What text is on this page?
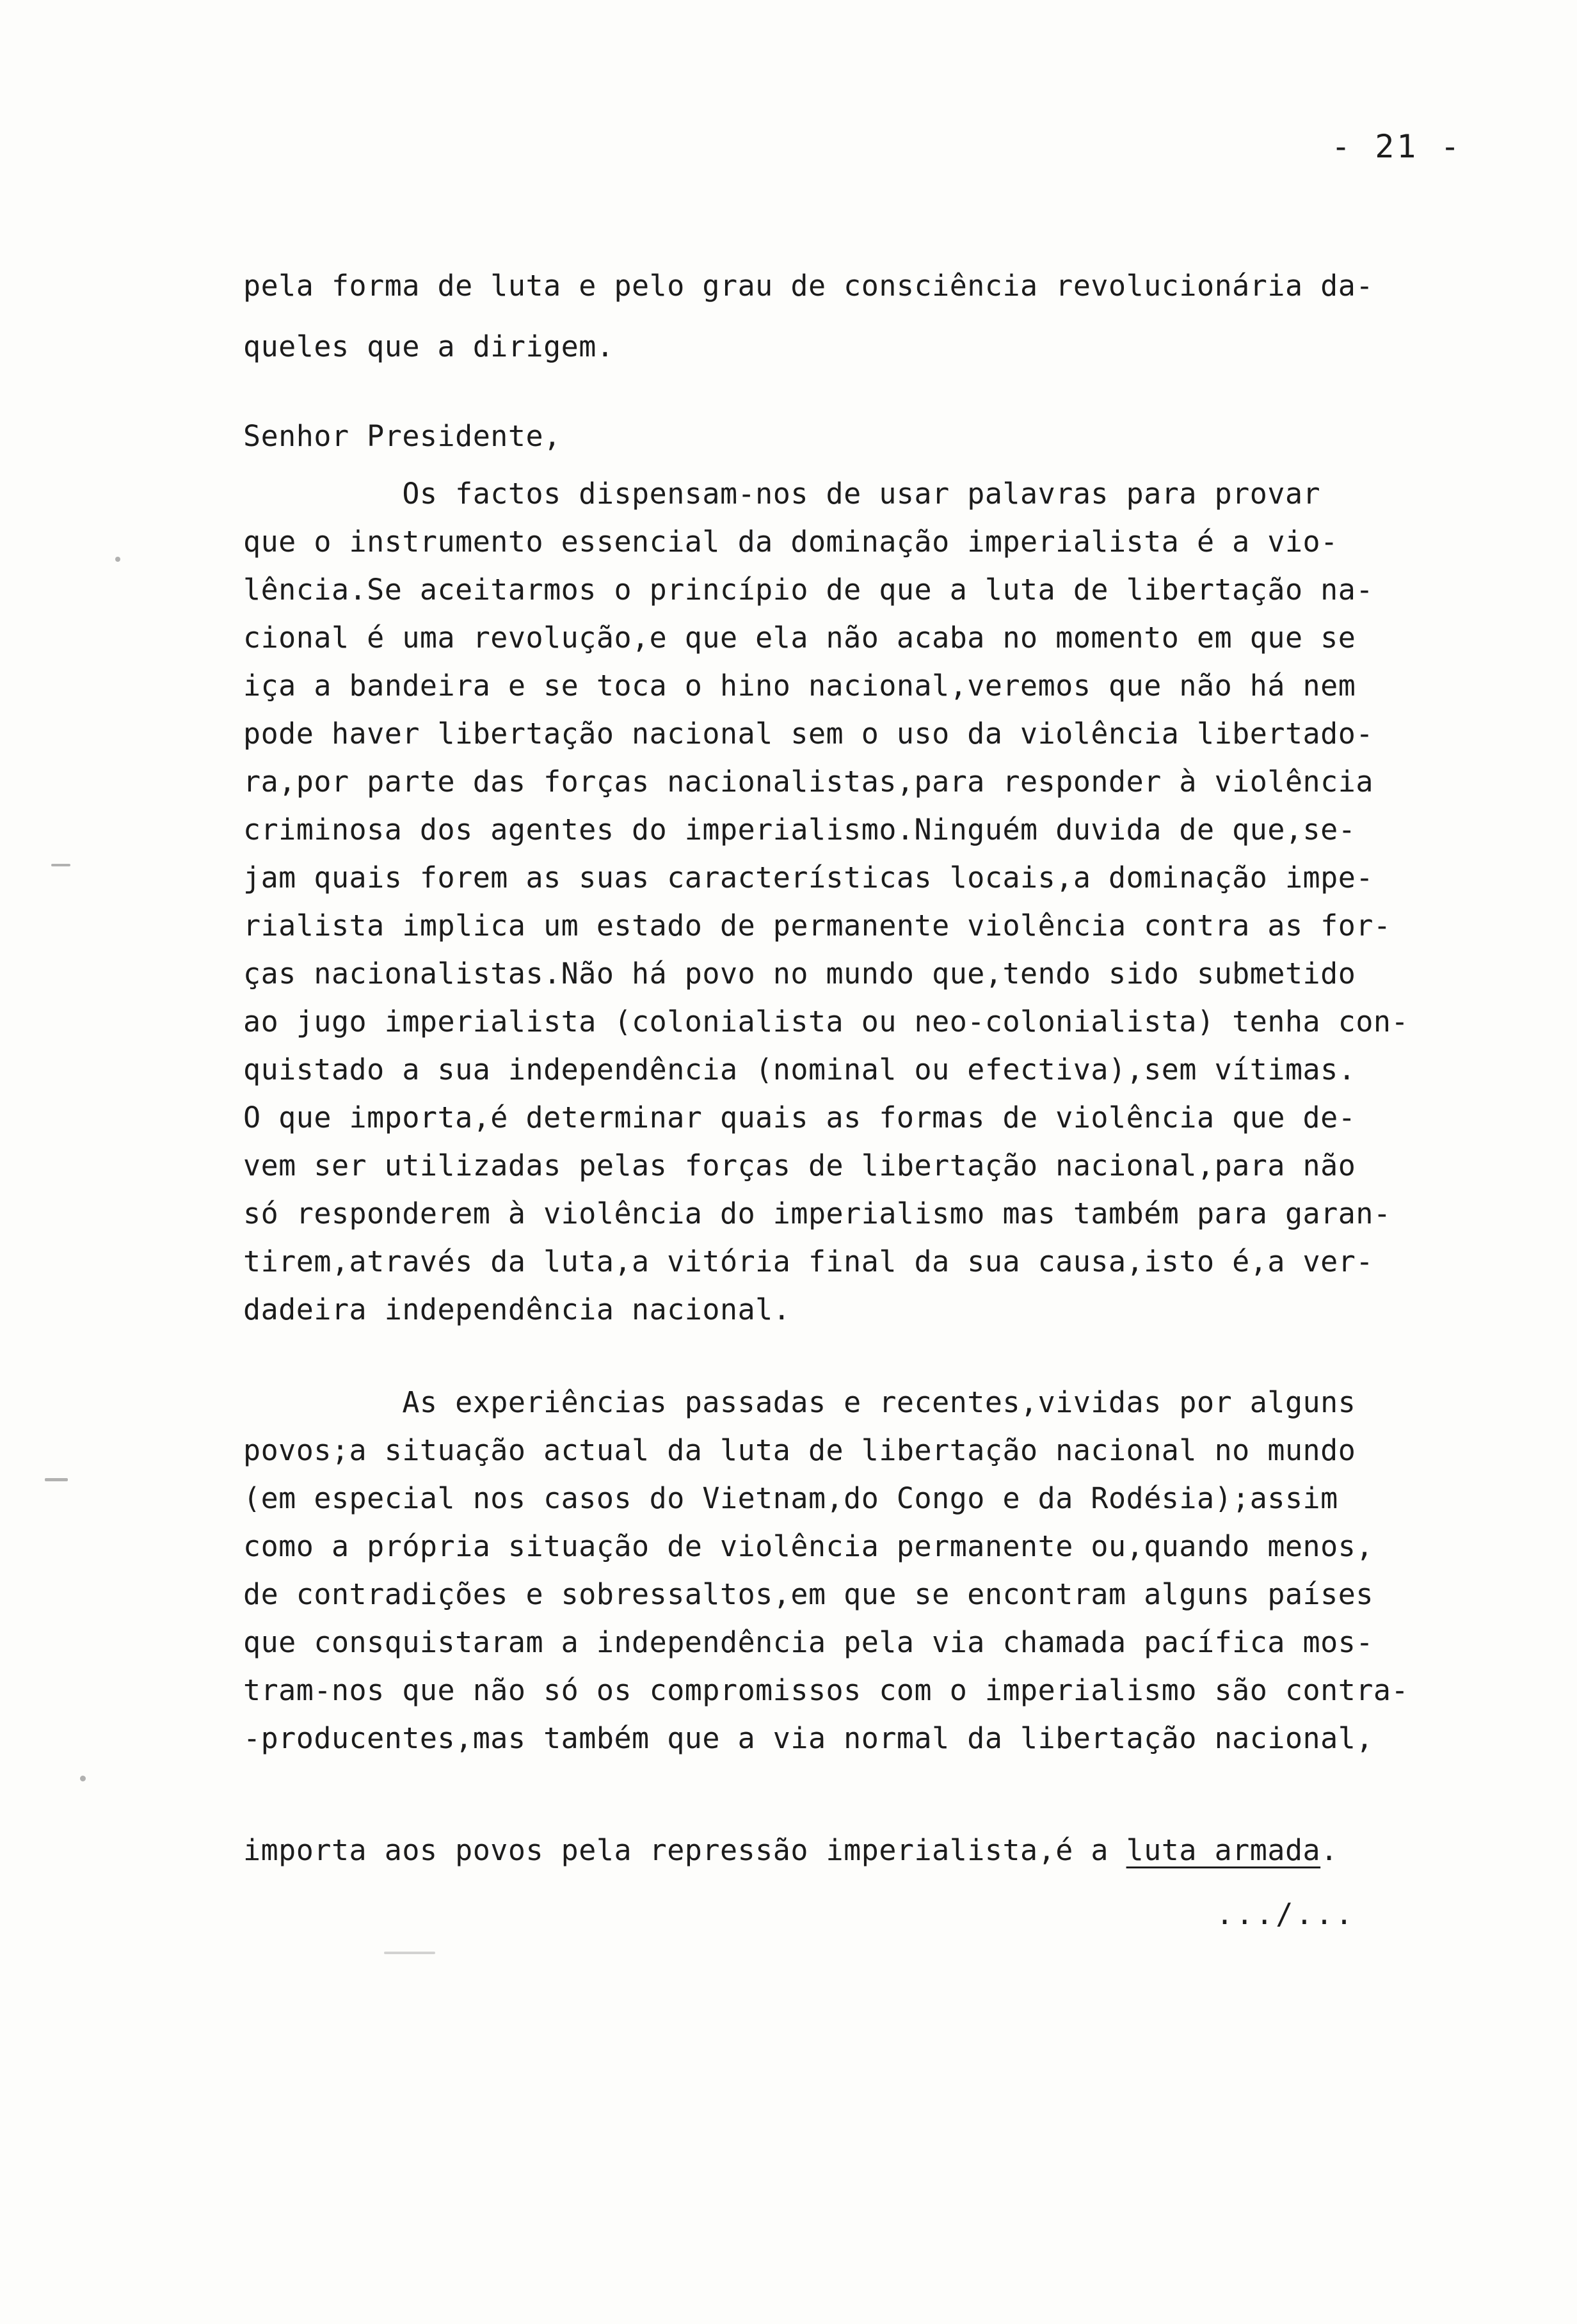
- 21 -
pela forma de luta e pelo grau de consciência revolucionária da-
queles que a dirigem.
Senhor Presidente,
Os factos dispensam-nos de usar palavras para provar
que o instrumento essencial da dominação imperialista é a vio-
lência.Se aceitarmos o princípio de que a luta de libertação na-
cional é uma revolução,e que ela não acaba no momento em que se
iça a bandeira e se toca o hino nacional,veremos que não há nem
pode haver libertação nacional sem o uso da violência libertado-
ra,por parte das forças nacionalistas,para responder à violência
criminosa dos agentes do imperialismo.Ninguém duvida de que,se-
jam quais forem as suas características locais,a dominação impe-
rialista implica um estado de permanente violência contra as for-
ças nacionalistas.Não há povo no mundo que,tendo sido submetido
ao jugo imperialista (colonialista ou neo-colonialista) tenha con-
quistado a sua independência (nominal ou efectiva),sem vítimas.
O que importa,é determinar quais as formas de violência que de-
vem ser utilizadas pelas forças de libertação nacional,para não
só responderem à violência do imperialismo mas também para garan-
tirem,através da luta,a vitória final da sua causa,isto é,a ver-
dadeira independência nacional.
As experiências passadas e recentes,vividas por alguns
povos;a situação actual da luta de libertação nacional no mundo
(em especial nos casos do Vietnam,do Congo e da Rodésia);assim
como a própria situação de violência permanente ou,quando menos,
de contradições e sobressaltos,em que se encontram alguns países
que consquistaram a independência pela via chamada pacífica mos-
tram-nos que não só os compromissos com o imperialismo são contra-
-producentes,mas também que a via normal da libertação nacional,
importa aos povos pela repressão imperialista,é a luta armada.
.../...
